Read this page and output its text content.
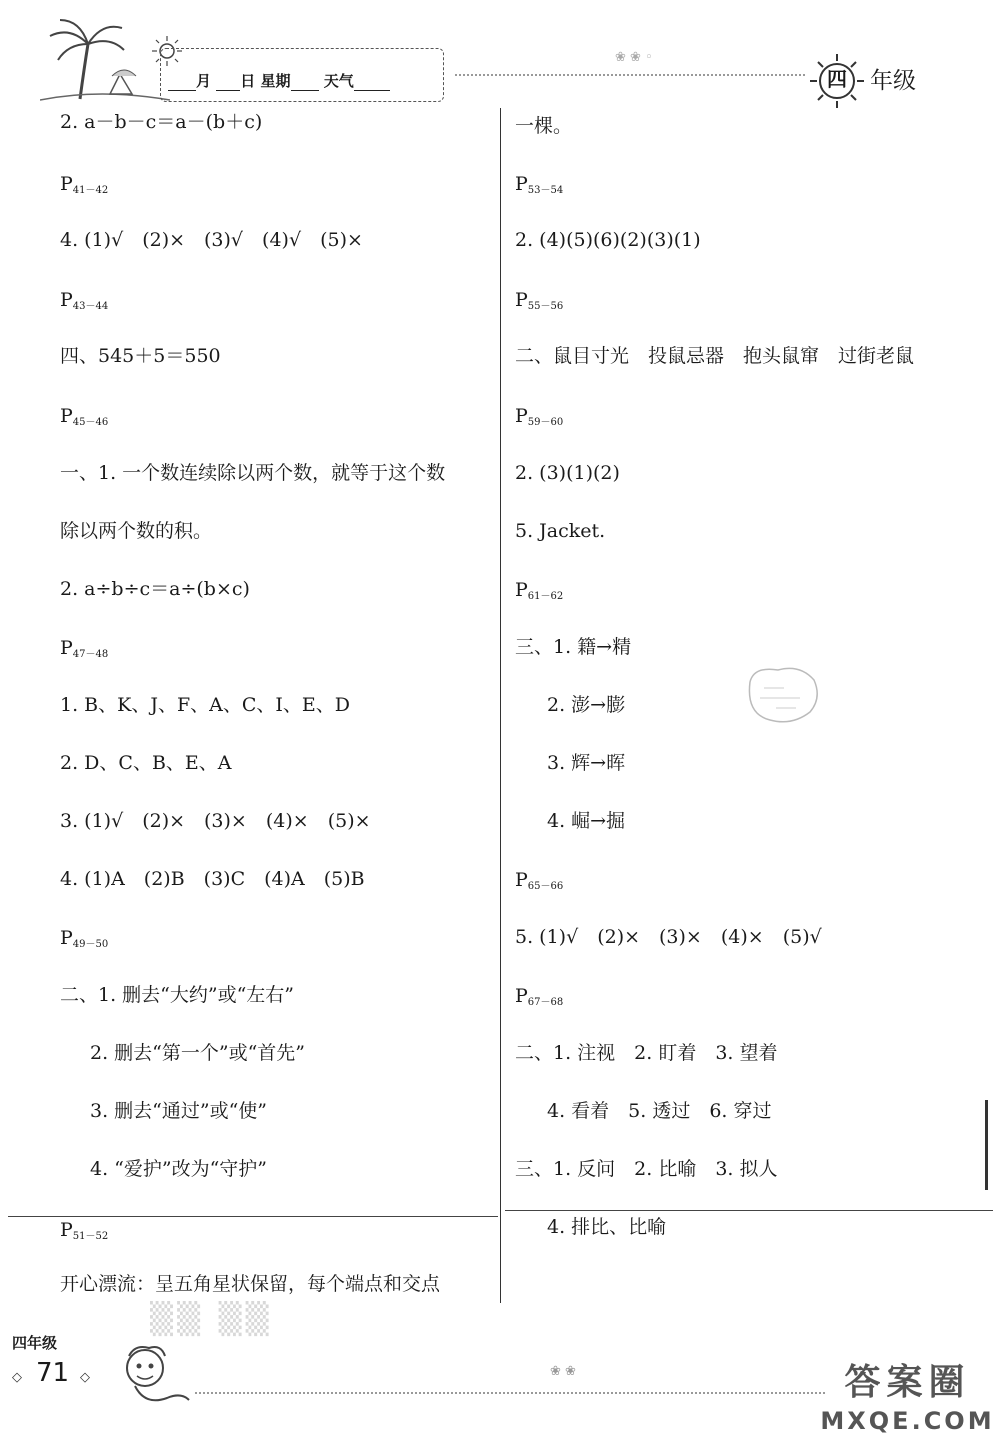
月 日 星期 天气
❀ ❀ ◦
四 年级
2. a－b－c＝a－(b＋c)
$P_{41-42}$
4. (1)√　(2)×　(3)√　(4)√　(5)×
$P_{43-44}$
四、545＋5＝550
$P_{45-46}$
一、1. 一个数连续除以两个数，就等于这个数
除以两个数的积。
2. a÷b÷c＝a÷(b×c)
$P_{47-48}$
1. B、K、J、F、A、C、I、E、D
2. D、C、B、E、A
3. (1)√　(2)×　(3)×　(4)×　(5)×
4. (1)A　(2)B　(3)C　(4)A　(5)B
$P_{49-50}$
二、1. 删去“大约”或“左右”
2. 删去“第一个”或“首先”
3. 删去“通过”或“使”
4. “爱护”改为“守护”
$P_{51-52}$
开心漂流：呈五角星状保留，每个端点和交点
一棵。
$P_{53-54}$
2. (4)(5)(6)(2)(3)(1)
$P_{55-56}$
二、鼠目寸光　投鼠忌器　抱头鼠窜　过街老鼠
$P_{59-60}$
2. (3)(1)(2)
5. Jacket.
$P_{61-62}$
三、1. 籍→精
2. 澎→膨
3. 辉→晖
4. 崛→掘
$P_{65-66}$
5. (1)√　(2)×　(3)×　(4)×　(5)√
$P_{67-68}$
二、1. 注视　2. 盯着　3. 望着
4. 看着　5. 透过　6. 穿过
三、1. 反问　2. 比喻　3. 拟人
4. 排比、比喻
▒▒ ▒▒
四年级
◇ 71 ◇	❀ ❀	答案圈
MXQE.COM
